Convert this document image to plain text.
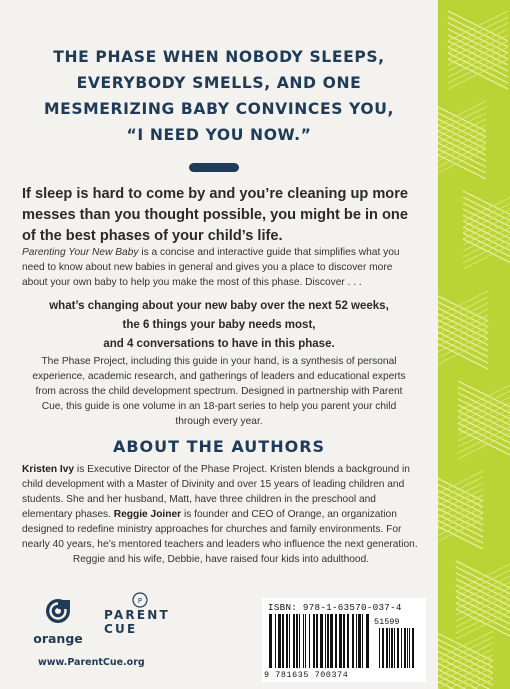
THE PHASE WHEN NOBODY SLEEPS,
EVERYBODY SMELLS, AND ONE
MESMERIZING BABY CONVINCES YOU,
“I NEED YOU NOW.”
If sleep is hard to come by and you’re cleaning up more
messes than you thought possible, you might be in one
of the best phases of your child’s life.
Parenting Your New Baby is a concise and interactive guide that simplifies what you
need to know about new babies in general and gives you a place to discover more
about your own baby to help you make the most of this phase. Discover . . .
what’s changing about your new baby over the next 52 weeks,
the 6 things your baby needs most,
and 4 conversations to have in this phase.
The Phase Project, including this guide in your hand, is a synthesis of personal
experience, academic research, and gatherings of leaders and educational experts
from across the child development spectrum. Designed in partnership with Parent
Cue, this guide is one volume in an 18-part series to help you parent your child
through every year.
ABOUT THE AUTHORS
Kristen Ivy is Executive Director of the Phase Project. Kristen blends a background in
child development with a Master of Divinity and over 15 years of leading children and
students. She and her husband, Matt, have three children in the preschool and
elementary phases. Reggie Joiner is founder and CEO of Orange, an organization
designed to redefine ministry approaches for churches and family environments. For
nearly 40 years, he’s mentored teachers and leaders who influence the next generation.
Reggie and his wife, Debbie, have raised four kids into adulthood.
orange
P
PARENT
CUE
www.ParentCue.org
ISBN: 978-1-63570-037-4
51599
9 781635 700374
